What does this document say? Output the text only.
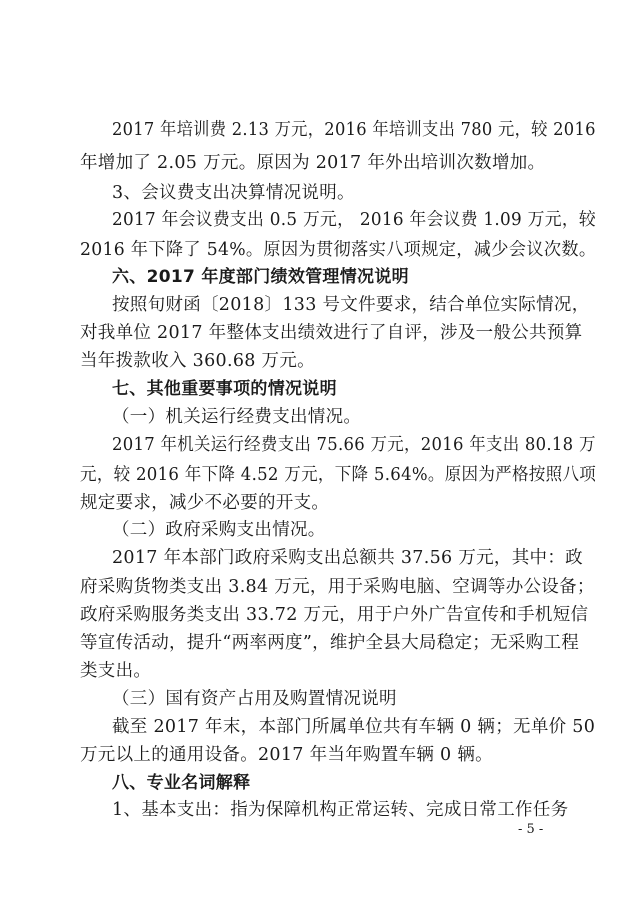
2017 年培训费 2.13 万元，2016 年培训支出 780 元，较 2016
年增加了 2.05 万元。原因为 2017 年外出培训次数增加。
3、会议费支出决算情况说明。
2017 年会议费支出 0.5 万元， 2016 年会议费 1.09 万元，较
2016 年下降了 54%。原因为贯彻落实八项规定，减少会议次数。
六、2017 年度部门绩效管理情况说明
按照旬财函〔2018〕133 号文件要求，结合单位实际情况，
对我单位 2017 年整体支出绩效进行了自评，涉及一般公共预算
当年拨款收入 360.68 万元。
七、其他重要事项的情况说明
（一）机关运行经费支出情况。
2017 年机关运行经费支出 75.66 万元，2016 年支出 80.18 万
元，较 2016 年下降 4.52 万元，下降 5.64%。原因为严格按照八项
规定要求，减少不必要的开支。
（二）政府采购支出情况。
2017 年本部门政府采购支出总额共 37.56 万元，其中：政
府采购货物类支出 3.84 万元，用于采购电脑、空调等办公设备；
政府采购服务类支出 33.72 万元，用于户外广告宣传和手机短信
等宣传活动，提升“两率两度”，维护全县大局稳定；无采购工程
类支出。
（三）国有资产占用及购置情况说明
截至 2017 年末，本部门所属单位共有车辆 0 辆；无单价 50
万元以上的通用设备。2017 年当年购置车辆 0 辆。
八、专业名词解释
1、基本支出：指为保障机构正常运转、完成日常工作任务
- 5 -
